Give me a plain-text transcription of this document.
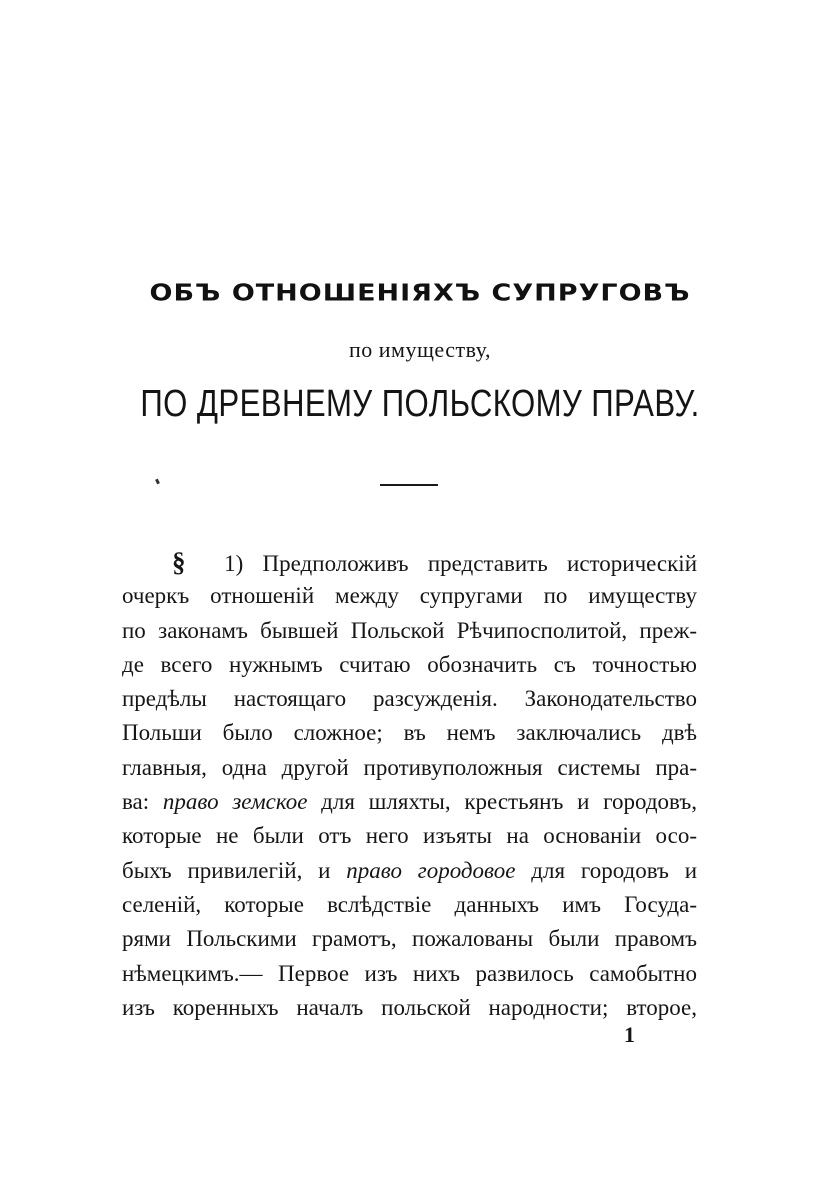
ОБЪ ОТНОШЕНІЯХЪ СУПРУГОВЪ
по имуществу,
ПО ДРЕВНЕМУ ПОЛЬСКОМУ ПРАВУ.
§ 1) Предположивъ представить историческій
очеркъ отношеній между супругами по имуществу
по законамъ бывшей Польской Рѣчипосполитой, преж-
де всего нужнымъ считаю обозначить съ точностью
предѣлы настоящаго разсужденія. Законодательство
Польши было сложное; въ немъ заключались двѣ
главныя, одна другой противуположныя системы пра-
ва: право земское для шляхты, крестьянъ и городовъ,
которые не были отъ него изъяты на основаніи осо-
быхъ привилегій, и право городовое для городовъ и
селеній, которые вслѣдствіе данныхъ имъ Госуда-
рями Польскими грамотъ, пожалованы были правомъ
нѣмецкимъ.— Первое изъ нихъ развилось самобытно
изъ коренныхъ началъ польской народности; второе,
1
